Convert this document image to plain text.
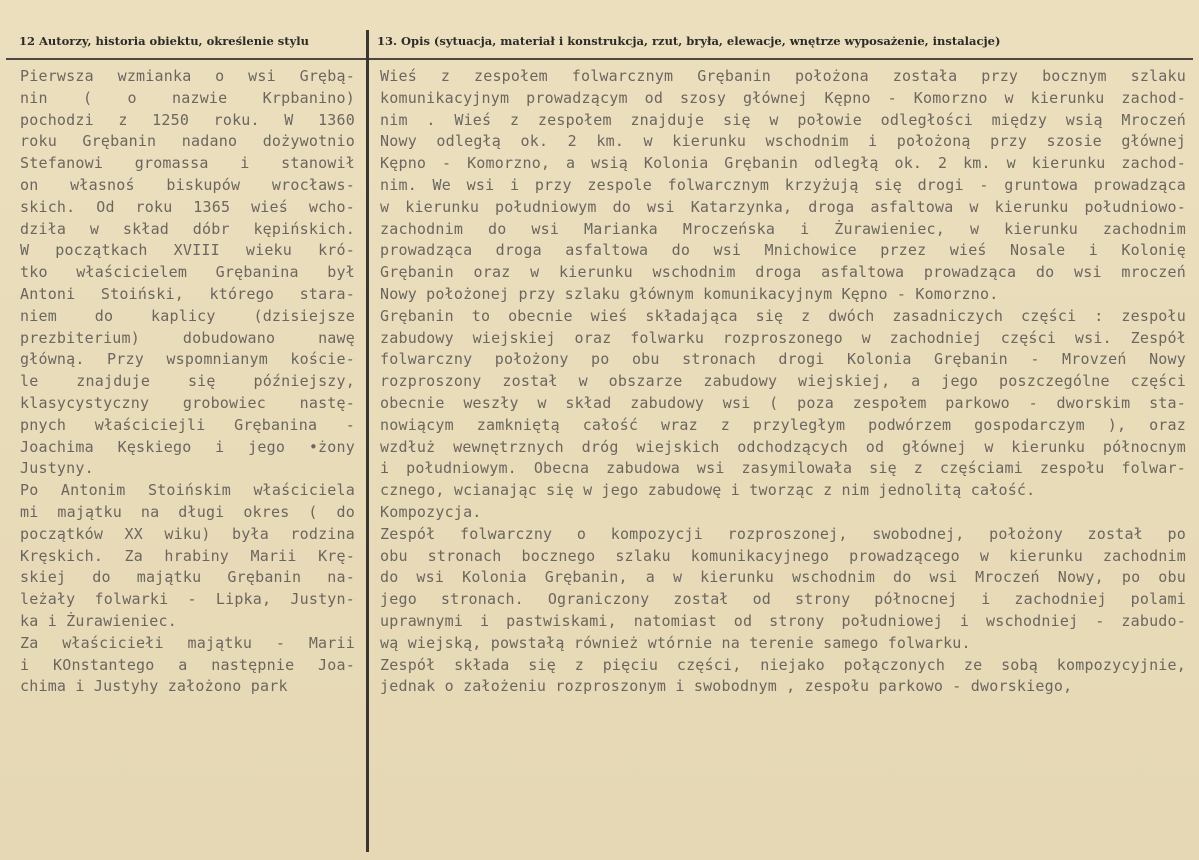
12 Autorzy, historia obiektu, określenie stylu	13. Opis (sytuacja, materiał i konstrukcja, rzut, bryła, elewacje, wnętrze wyposażenie, instalacje)
Pierwsza wzmianka o wsi Grębą-
nin ( o nazwie Krpbanino)
pochodzi z 1250 roku. W 1360
roku Grębanin nadano dożywotnio
Stefanowi gromassa i stanowił
on własnoś biskupów wrocławs-
skich. Od roku 1365 wieś wcho-
dziła w skład dóbr kępińskich.
W początkach XVIII wieku kró-
tko właścicielem Grębanina był
Antoni Stoiński, którego stara-
niem do kaplicy (dzisiejsze
prezbiterium) dobudowano nawę
główną. Przy wspomnianym koście-
le znajduje się późniejszy,
klasycystyczny grobowiec nastę-
pnych właściciejli Grębanina -
Joachima Kęskiego i jego •żony
Justyny.
Po Antonim Stoińskim właściciela
mi majątku na długi okres ( do
początków XX wiku) była rodzina
Kręskich. Za hrabiny Marii Krę-
skiej do majątku Grębanin na-
leżały folwarki - Lipka, Justyn-
ka i Żurawieniec.
Za właściciełi majątku - Marii
i KOnstantego a następnie Joa-
chima i Justyhy założono park
Wieś z zespołem folwarcznym Grębanin położona została przy bocznym szlaku
komunikacyjnym prowadzącym od szosy głównej Kępno - Komorzno w kierunku zachod-
nim . Wieś z zespołem znajduje się w połowie odległości między wsią Mroczeń
Nowy odległą ok. 2 km. w kierunku wschodnim i położoną przy szosie głównej
Kępno - Komorzno, a wsią Kolonia Grębanin odległą ok. 2 km. w kierunku zachod-
nim. We wsi i przy zespole folwarcznym krzyżują się drogi - gruntowa prowadząca
w kierunku południowym do wsi Katarzynka, droga asfaltowa w kierunku południowo-
zachodnim do wsi Marianka Mroczeńska i Żurawieniec, w kierunku zachodnim
prowadząca droga asfaltowa do wsi Mnichowice przez wieś Nosale i Kolonię
Grębanin oraz w kierunku wschodnim droga asfaltowa prowadząca do wsi mroczeń
Nowy położonej przy szlaku głównym komunikacyjnym Kępno - Komorzno.
Grębanin to obecnie wieś składająca się z dwóch zasadniczych części : zespołu
zabudowy wiejskiej oraz folwarku rozproszonego w zachodniej części wsi. Zespół
folwarczny położony po obu stronach drogi Kolonia Grębanin - Mrovzeń Nowy
rozproszony został w obszarze zabudowy wiejskiej, a jego poszczególne części
obecnie weszły w skład zabudowy wsi ( poza zespołem parkowo - dworskim sta-
nowiącym zamkniętą całość wraz z przyległym podwórzem gospodarczym ), oraz
wzdłuż wewnętrznych dróg wiejskich odchodzących od głównej w kierunku północnym
i południowym. Obecna zabudowa wsi zasymilowała się z częściami zespołu folwar-
cznego, wcianając się w jego zabudowę i tworząc z nim jednolitą całość.
Kompozycja.
Zespół folwarczny o kompozycji rozproszonej, swobodnej, położony został po
obu stronach bocznego szlaku komunikacyjnego prowadzącego w kierunku zachodnim
do wsi Kolonia Grębanin, a w kierunku wschodnim do wsi Mroczeń Nowy, po obu
jego stronach. Ograniczony został od strony północnej i zachodniej polami
uprawnymi i pastwiskami, natomiast od strony południowej i wschodniej - zabudo-
wą wiejską, powstałą również wtórnie na terenie samego folwarku.
Zespół składa się z pięciu części, niejako połączonych ze sobą kompozycyjnie,
jednak o założeniu rozproszonym i swobodnym , zespołu parkowo - dworskiego,
